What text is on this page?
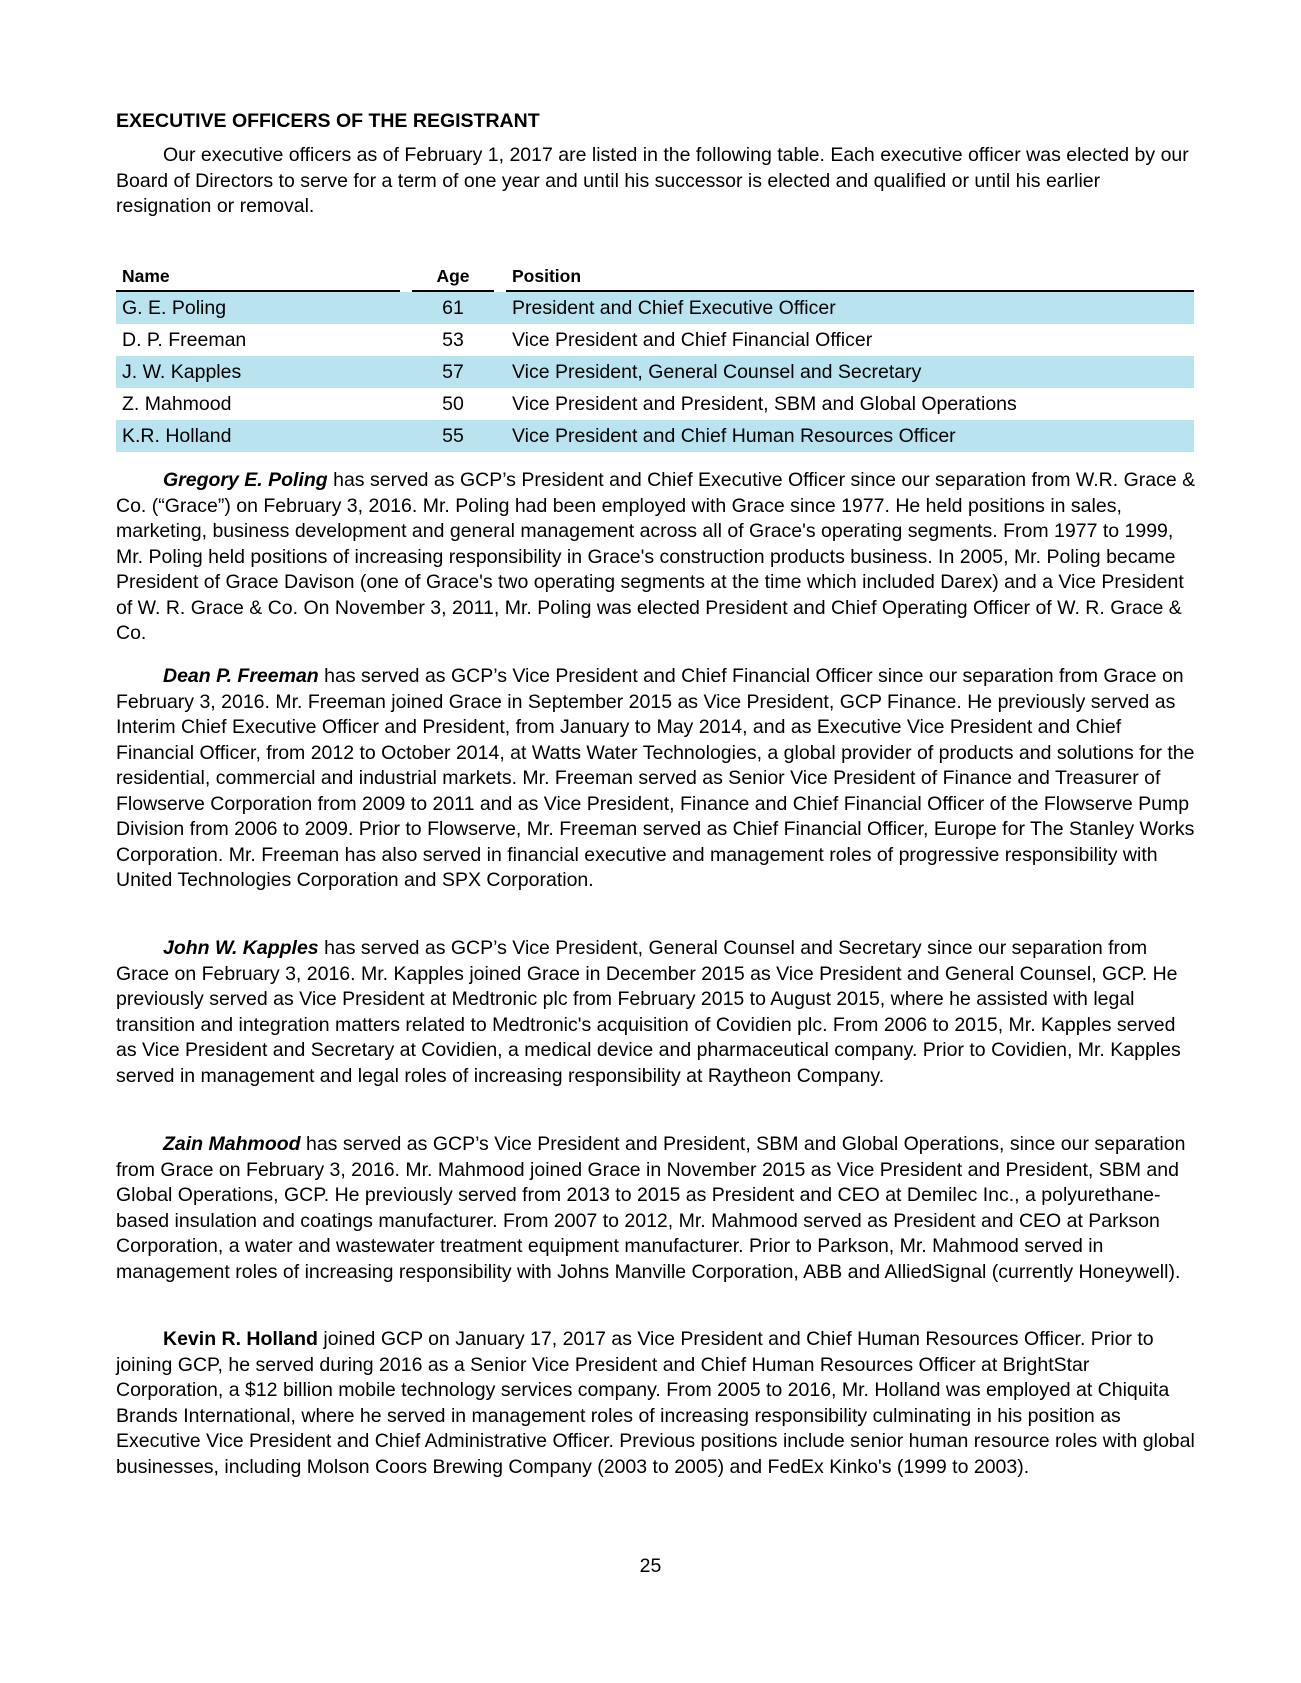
EXECUTIVE OFFICERS OF THE REGISTRANT

Our executive officers as of February 1, 2017 are listed in the following table. Each executive officer was elected by our Board of Directors to serve for a term of one year and until his successor is elected and qualified or until his earlier resignation or removal.

Name		Age		Position
G. E. Poling		61		President and Chief Executive Officer
D. P. Freeman		53		Vice President and Chief Financial Officer
J. W. Kapples		57		Vice President, General Counsel and Secretary
Z. Mahmood		50		Vice President and President, SBM and Global Operations
K.R. Holland		55		Vice President and Chief Human Resources Officer

Gregory E. Poling has served as GCP’s President and Chief Executive Officer since our separation from W.R. Grace & Co. (“Grace”) on February 3, 2016. Mr. Poling had been employed with Grace since 1977. He held positions in sales, marketing, business development and general management across all of Grace's operating segments. From 1977 to 1999, Mr. Poling held positions of increasing responsibility in Grace's construction products business. In 2005, Mr. Poling became President of Grace Davison (one of Grace's two operating segments at the time which included Darex) and a Vice President of W. R. Grace & Co. On November 3, 2011, Mr. Poling was elected President and Chief Operating Officer of W. R. Grace & Co.

Dean P. Freeman has served as GCP’s Vice President and Chief Financial Officer since our separation from Grace on February 3, 2016. Mr. Freeman joined Grace in September 2015 as Vice President, GCP Finance. He previously served as Interim Chief Executive Officer and President, from January to May 2014, and as Executive Vice President and Chief Financial Officer, from 2012 to October 2014, at Watts Water Technologies, a global provider of products and solutions for the residential, commercial and industrial markets. Mr. Freeman served as Senior Vice President of Finance and Treasurer of Flowserve Corporation from 2009 to 2011 and as Vice President, Finance and Chief Financial Officer of the Flowserve Pump Division from 2006 to 2009. Prior to Flowserve, Mr. Freeman served as Chief Financial Officer, Europe for The Stanley Works Corporation. Mr. Freeman has also served in financial executive and management roles of progressive responsibility with United Technologies Corporation and SPX Corporation.

John W. Kapples has served as GCP’s Vice President, General Counsel and Secretary since our separation from Grace on February 3, 2016. Mr. Kapples joined Grace in December 2015 as Vice President and General Counsel, GCP. He previously served as Vice President at Medtronic plc from February 2015 to August 2015, where he assisted with legal transition and integration matters related to Medtronic's acquisition of Covidien plc. From 2006 to 2015, Mr. Kapples served as Vice President and Secretary at Covidien, a medical device and pharmaceutical company. Prior to Covidien, Mr. Kapples served in management and legal roles of increasing responsibility at Raytheon Company.

Zain Mahmood has served as GCP’s Vice President and President, SBM and Global Operations, since our separation from Grace on February 3, 2016. Mr. Mahmood joined Grace in November 2015 as Vice President and President, SBM and Global Operations, GCP. He previously served from 2013 to 2015 as President and CEO at Demilec Inc., a polyurethane-based insulation and coatings manufacturer. From 2007 to 2012, Mr. Mahmood served as President and CEO at Parkson Corporation, a water and wastewater treatment equipment manufacturer. Prior to Parkson, Mr. Mahmood served in management roles of increasing responsibility with Johns Manville Corporation, ABB and AlliedSignal (currently Honeywell).

Kevin R. Holland joined GCP on January 17, 2017 as Vice President and Chief Human Resources Officer. Prior to joining GCP, he served during 2016 as a Senior Vice President and Chief Human Resources Officer at BrightStar Corporation, a $12 billion mobile technology services company. From 2005 to 2016, Mr. Holland was employed at Chiquita Brands International, where he served in management roles of increasing responsibility culminating in his position as Executive Vice President and Chief Administrative Officer. Previous positions include senior human resource roles with global businesses, including Molson Coors Brewing Company (2003 to 2005) and FedEx Kinko's (1999 to 2003).

25
